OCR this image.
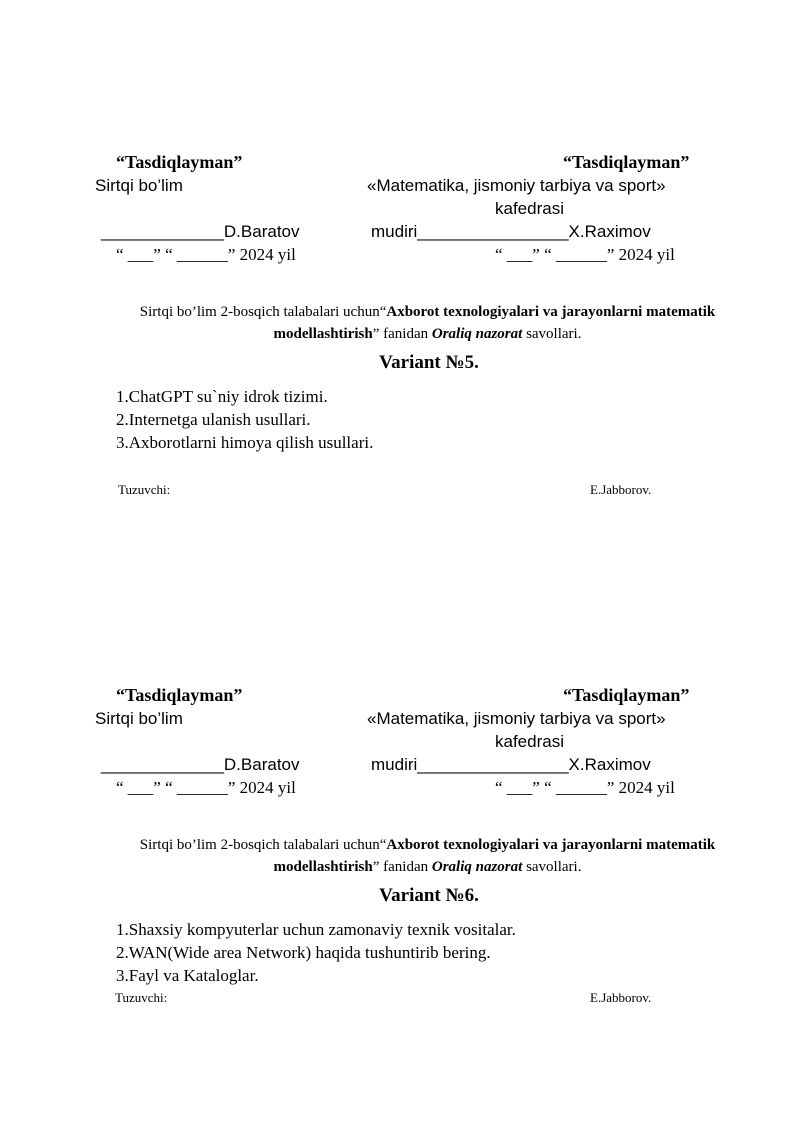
“Tasdiqlayman”	“Tasdiqlayman”
Sirtqi bo’lim	«Matematika, jismoniy tarbiya va sport»
kafedrasi
_____________D.Baratov	mudiri________________X.Raximov
“ ___” “ ______” 2024 yil	“ ___” “ ______” 2024 yil
Sirtqi bo’lim 2-bosqich talabalari uchun“Axborot texnologiyalari va jarayonlarni matematik modellashtirish” fanidan Oraliq nazorat savollari.
Variant №5.
1.ChatGPT su`niy idrok tizimi.
2.Internetga ulanish usullari.
3.Axborotlarni himoya qilish usullari.
Tuzuvchi:	E.Jabborov.
“Tasdiqlayman”	“Tasdiqlayman”
Sirtqi bo’lim	«Matematika, jismoniy tarbiya va sport»
kafedrasi
_____________D.Baratov	mudiri________________X.Raximov
“ ___” “ ______” 2024 yil	“ ___” “ ______” 2024 yil
Sirtqi bo’lim 2-bosqich talabalari uchun“Axborot texnologiyalari va jarayonlarni matematik modellashtirish” fanidan Oraliq nazorat savollari.
Variant №6.
1.Shaxsiy kompyuterlar uchun zamonaviy texnik vositalar.
2.WAN(Wide area Network) haqida tushuntirib bering.
3.Fayl va Kataloglar.
Tuzuvchi:	E.Jabborov.
